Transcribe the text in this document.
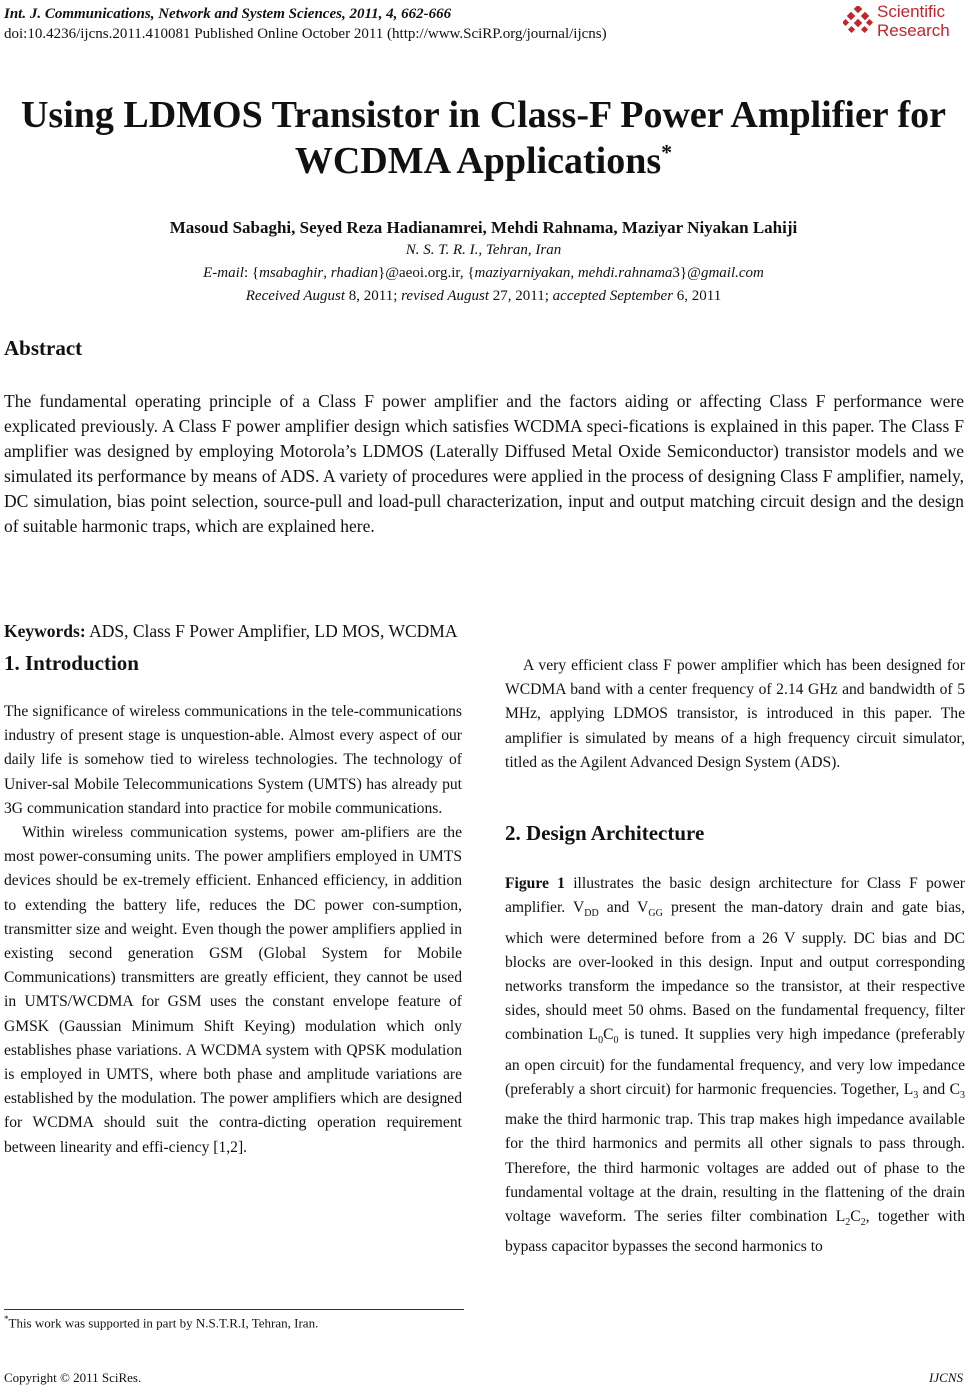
Int. J. Communications, Network and System Sciences, 2011, 4, 662-666
doi:10.4236/ijcns.2011.410081 Published Online October 2011 (http://www.SciRP.org/journal/ijcns)
Scientific
Research
Using LDMOS Transistor in Class-F Power Amplifier for
WCDMA Applications*
Masoud Sabaghi, Seyed Reza Hadianamrei, Mehdi Rahnama, Maziyar Niyakan Lahiji
N. S. T. R. I., Tehran, Iran
E-mail: {msabaghir, rhadian}@aeoi.org.ir, {maziyarniyakan, mehdi.rahnama3}@gmail.com
Received August 8, 2011; revised August 27, 2011; accepted September 6, 2011
Abstract
The fundamental operating principle of a Class F power amplifier and the factors aiding or affecting Class F performance were explicated previously. A Class F power amplifier design which satisfies WCDMA speci-fications is explained in this paper. The Class F amplifier was designed by employing Motorola’s LDMOS (Laterally Diffused Metal Oxide Semiconductor) transistor models and we simulated its performance by means of ADS. A variety of procedures were applied in the process of designing Class F amplifier, namely, DC simulation, bias point selection, source-pull and load-pull characterization, input and output matching circuit design and the design of suitable harmonic traps, which are explained here.
Keywords: ADS, Class F Power Amplifier, LD MOS, WCDMA
1. Introduction

The significance of wireless communications in the tele-communications industry of present stage is unquestion-able. Almost every aspect of our daily life is somehow tied to wireless technologies. The technology of Univer-sal Mobile Telecommunications System (UMTS) has already put 3G communication standard into practice for mobile communications.

Within wireless communication systems, power am-plifiers are the most power-consuming units. The power amplifiers employed in UMTS devices should be ex-tremely efficient. Enhanced efficiency, in addition to extending the battery life, reduces the DC power con-sumption, transmitter size and weight. Even though the power amplifiers applied in existing second generation GSM (Global System for Mobile Communications) transmitters are greatly efficient, they cannot be used in UMTS/WCDMA for GSM uses the constant envelope feature of GMSK (Gaussian Minimum Shift Keying) modulation which only establishes phase variations. A WCDMA system with QPSK modulation is employed in UMTS, where both phase and amplitude variations are established by the modulation. The power amplifiers which are designed for WCDMA should suit the contra-dicting operation requirement between linearity and effi-ciency [1,2].

A very efficient class F power amplifier which has been designed for WCDMA band with a center frequency of 2.14 GHz and bandwidth of 5 MHz, applying LDMOS transistor, is introduced in this paper. The amplifier is simulated by means of a high frequency circuit simulator, titled as the Agilent Advanced Design System (ADS).

2. Design Architecture

Figure 1 illustrates the basic design architecture for Class F power amplifier. $V_{DD}$ and $V_{GG}$ present the man-datory drain and gate bias, which were determined before from a 26 V supply. DC bias and DC blocks are over-looked in this design. Input and output corresponding networks transform the impedance so the transistor, at their respective sides, should meet 50 ohms. Based on the fundamental frequency, filter combination $L_0C_0$ is tuned. It supplies very high impedance (preferably an open circuit) for the fundamental frequency, and very low impedance (preferably a short circuit) for harmonic frequencies. Together, $L_3$ and $C_3$ make the third harmonic trap. This trap makes high impedance available for the third harmonics and permits all other signals to pass through. Therefore, the third harmonic voltages are added out of phase to the fundamental voltage at the drain, resulting in the flattening of the drain voltage waveform. The series filter combination $L_2C_2$, together with bypass capacitor bypasses the second harmonics to

*This work was supported in part by N.S.T.R.I, Tehran, Iran.
Copyright © 2011 SciRes.	IJCNS
